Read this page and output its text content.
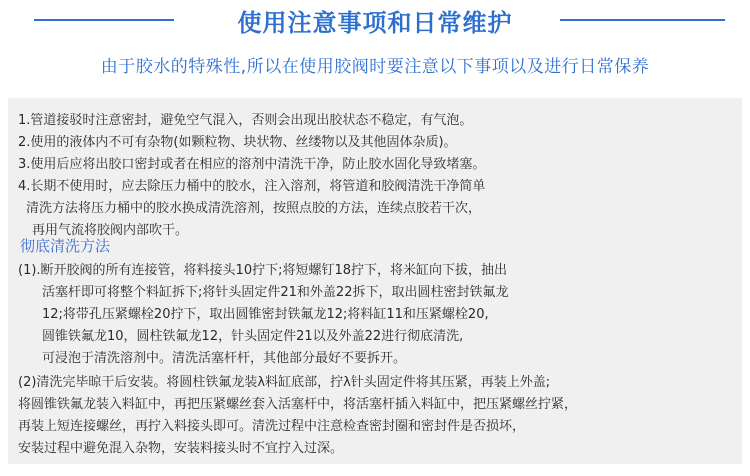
使用注意事项和日常维护
由于胶水的特殊性,所以在使用胶阀时要注意以下事项以及进行日常保养
1.管道接驳时注意密封，避免空气混入，否则会出现出胶状态不稳定，有气泡。
2.使用的液体内不可有杂物(如颗粒物、块状物、丝缕物以及其他固体杂质)。
3.使用后应将出胶口密封或者在相应的溶剂中清洗干净，防止胶水固化导致堵塞。
4.长期不使用时，应去除压力桶中的胶水，注入溶剂，将管道和胶阀清洗干净简单
清洗方法将压力桶中的胶水换成清洗溶剂，按照点胶的方法，连续点胶若干次，
再用气流将胶阀内部吹干。
彻底清洗方法
(1).断开胶阀的所有连接管，将料接头10拧下;将短螺钉18拧下，将米缸向下拔，抽出
活塞杆即可将整个料缸拆下;将针头固定件21和外盖22拆下，取出圆柱密封铁氟龙
12;将带孔压紧螺栓20拧下，取出圆锥密封铁氟龙12;将料缸11和压紧螺栓20,
圆锥铁氟龙10，圆柱铁氟龙12，针头固定件21以及外盖22进行彻底清洗,
可浸泡于清洗溶剂中。清洗活塞杆杆，其他部分最好不要拆开。
(2)清洗完毕晾干后安装。将圆柱铁氟龙装λ料缸底部，拧λ针头固定件将其压紧，再装上外盖;
将圆锥铁氟龙装入料缸中，再把压紧螺丝套入活塞杆中，将活塞杆插入料缸中，把压紧螺丝拧紧，
再装上短连接螺丝，再拧入料接头即可。清洗过程中注意检查密封圈和密封件是否损坏，
安装过程中避免混入杂物，安装料接头时不宜拧入过深。
